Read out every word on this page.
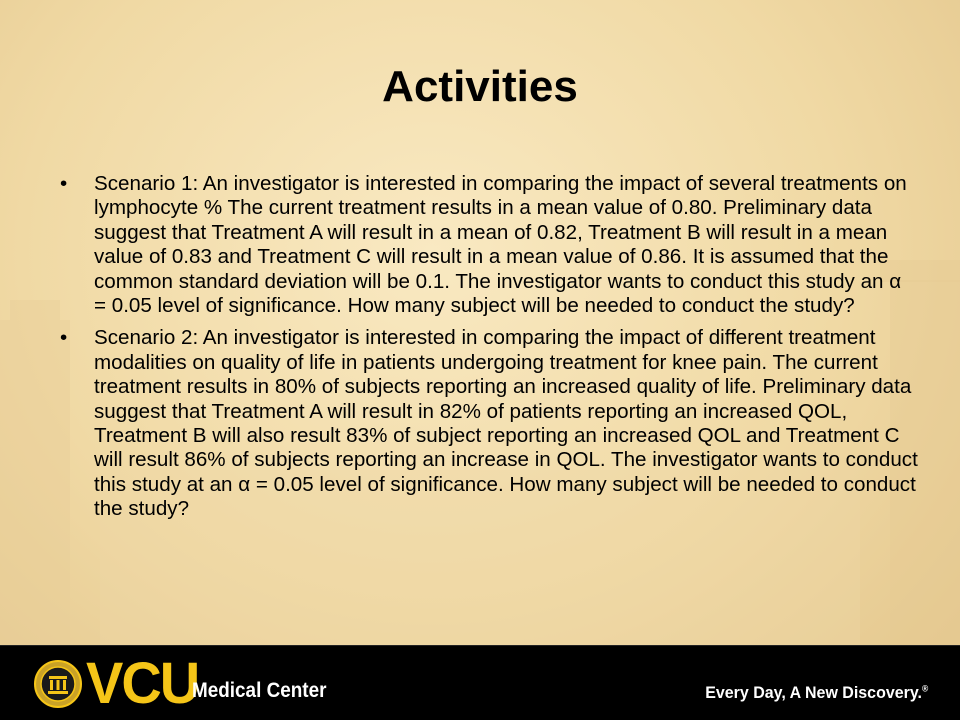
Activities
• Scenario 1: An investigator is interested in comparing the impact of several treatments on lymphocyte % The current treatment results in a mean value of 0.80. Preliminary data suggest that Treatment A will result in a mean of 0.82, Treatment B will result in a mean value of 0.83 and Treatment C will result in a mean value of 0.86. It is assumed that the common standard deviation will be 0.1. The investigator wants to conduct this study an α = 0.05 level of significance. How many subject will be needed to conduct the study?
• Scenario 2: An investigator is interested in comparing the impact of different treatment modalities on quality of life in patients undergoing treatment for knee pain. The current treatment results in 80% of subjects reporting an increased quality of life. Preliminary data suggest that Treatment A will result in 82% of patients reporting an increased QOL, Treatment B will also result 83% of subject reporting an increased QOL and Treatment C will result 86% of subjects reporting an increase in QOL. The investigator wants to conduct this study at an α = 0.05 level of significance. How many subject will be needed to conduct the study?
VCU
Medical Center	Every Day, A New Discovery.®
